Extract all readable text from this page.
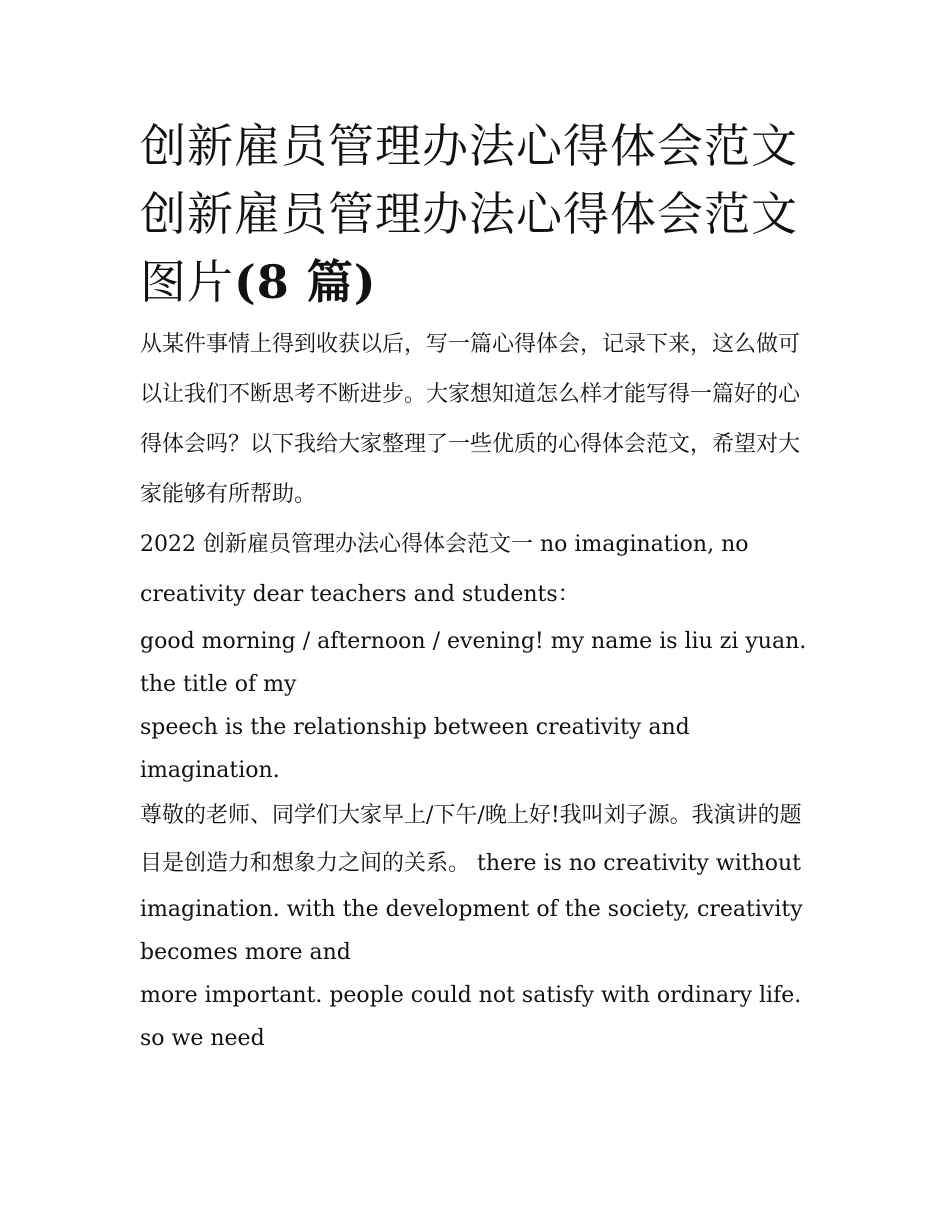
创新雇员管理办法心得体会范文 创新雇员管理办法心得体会范文图片(8 篇)

从某件事情上得到收获以后，写一篇心得体会，记录下来，这么做可以让我们不断思考不断进步。大家想知道怎么样才能写得一篇好的心得体会吗？以下我给大家整理了一些优质的心得体会范文，希望对大家能够有所帮助。

2022 创新雇员管理办法心得体会范文一 no imagination, no creativity dear teachers and students：

good morning / afternoon / evening! my name is liu zi yuan. the title of my

speech is the relationship between creativity and imagination.

尊敬的老师、同学们大家早上/下午/晚上好!我叫刘子源。我演讲的题目是创造力和想象力之间的关系。 there is no creativity without

imagination. with the development of the society, creativity becomes more and

more important. people could not satisfy with ordinary life. so we need
